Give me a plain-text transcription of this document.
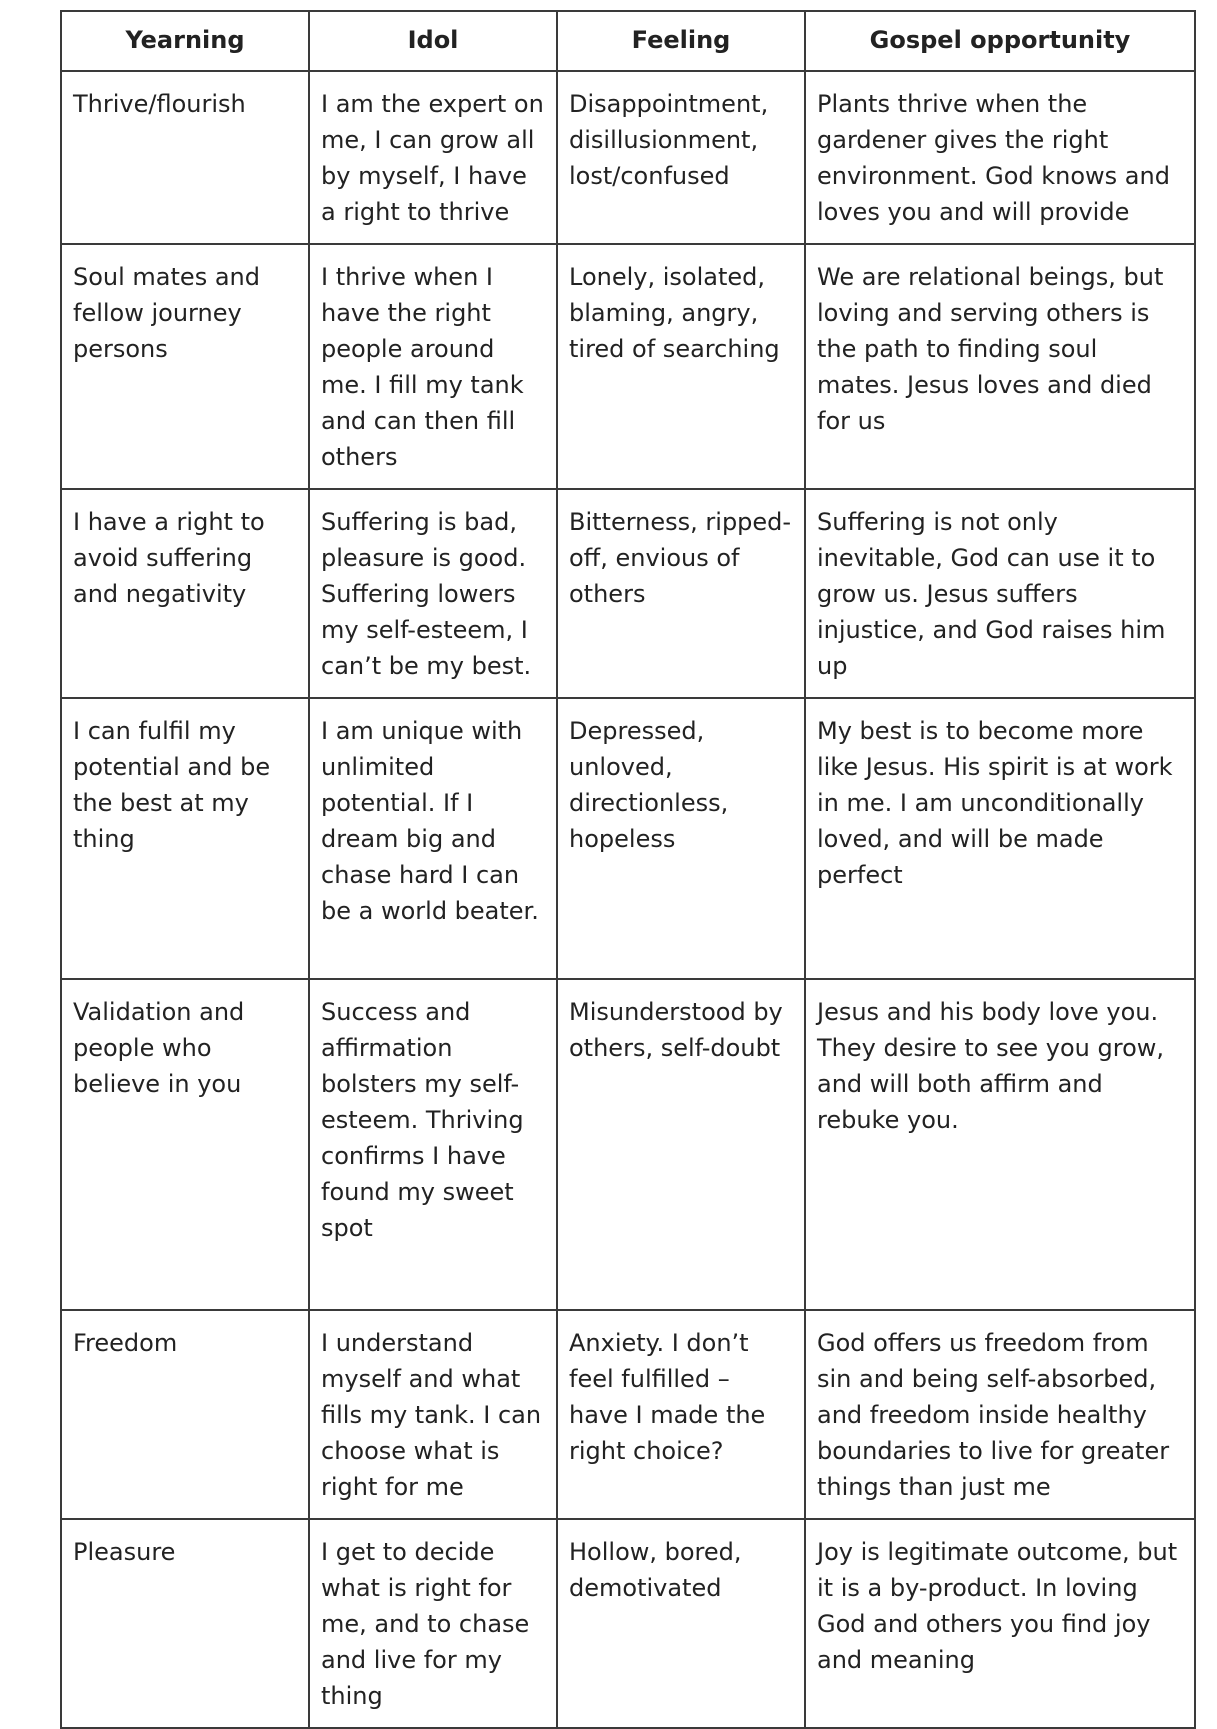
Yearning	Idol	Feeling	Gospel opportunity
Thrive/flourish	I am the expert on me, I can grow all by myself, I have a right to thrive	Disappointment, disillusionment, lost/confused	Plants thrive when the gardener gives the right environment. God knows and loves you and will provide
Soul mates and fellow journey persons	I thrive when I have the right people around me. I fill my tank and can then fill others	Lonely, isolated, blaming, angry, tired of searching	We are relational beings, but loving and serving others is the path to finding soul mates. Jesus loves and died for us
I have a right to avoid suffering and negativity	Suffering is bad, pleasure is good. Suffering lowers my self-esteem, I can’t be my best.	Bitterness, ripped-off, envious of others	Suffering is not only inevitable, God can use it to grow us. Jesus suffers injustice, and God raises him up
I can fulfil my potential and be the best at my thing	I am unique with unlimited potential. If I dream big and chase hard I can be a world beater.	Depressed, unloved, directionless, hopeless	My best is to become more like Jesus. His spirit is at work in me. I am unconditionally loved, and will be made perfect
Validation and people who believe in you	Success and affirmation bolsters my self-esteem. Thriving confirms I have found my sweet spot	Misunderstood by others, self-doubt	Jesus and his body love you. They desire to see you grow, and will both affirm and rebuke you.
Freedom	I understand myself and what fills my tank. I can choose what is right for me	Anxiety. I don’t feel fulfilled – have I made the right choice?	God offers us freedom from sin and being self-absorbed, and freedom inside healthy boundaries to live for greater things than just me
Pleasure	I get to decide what is right for me, and to chase and live for my thing	Hollow, bored, demotivated	Joy is legitimate outcome, but it is a by-product. In loving God and others you find joy and meaning
